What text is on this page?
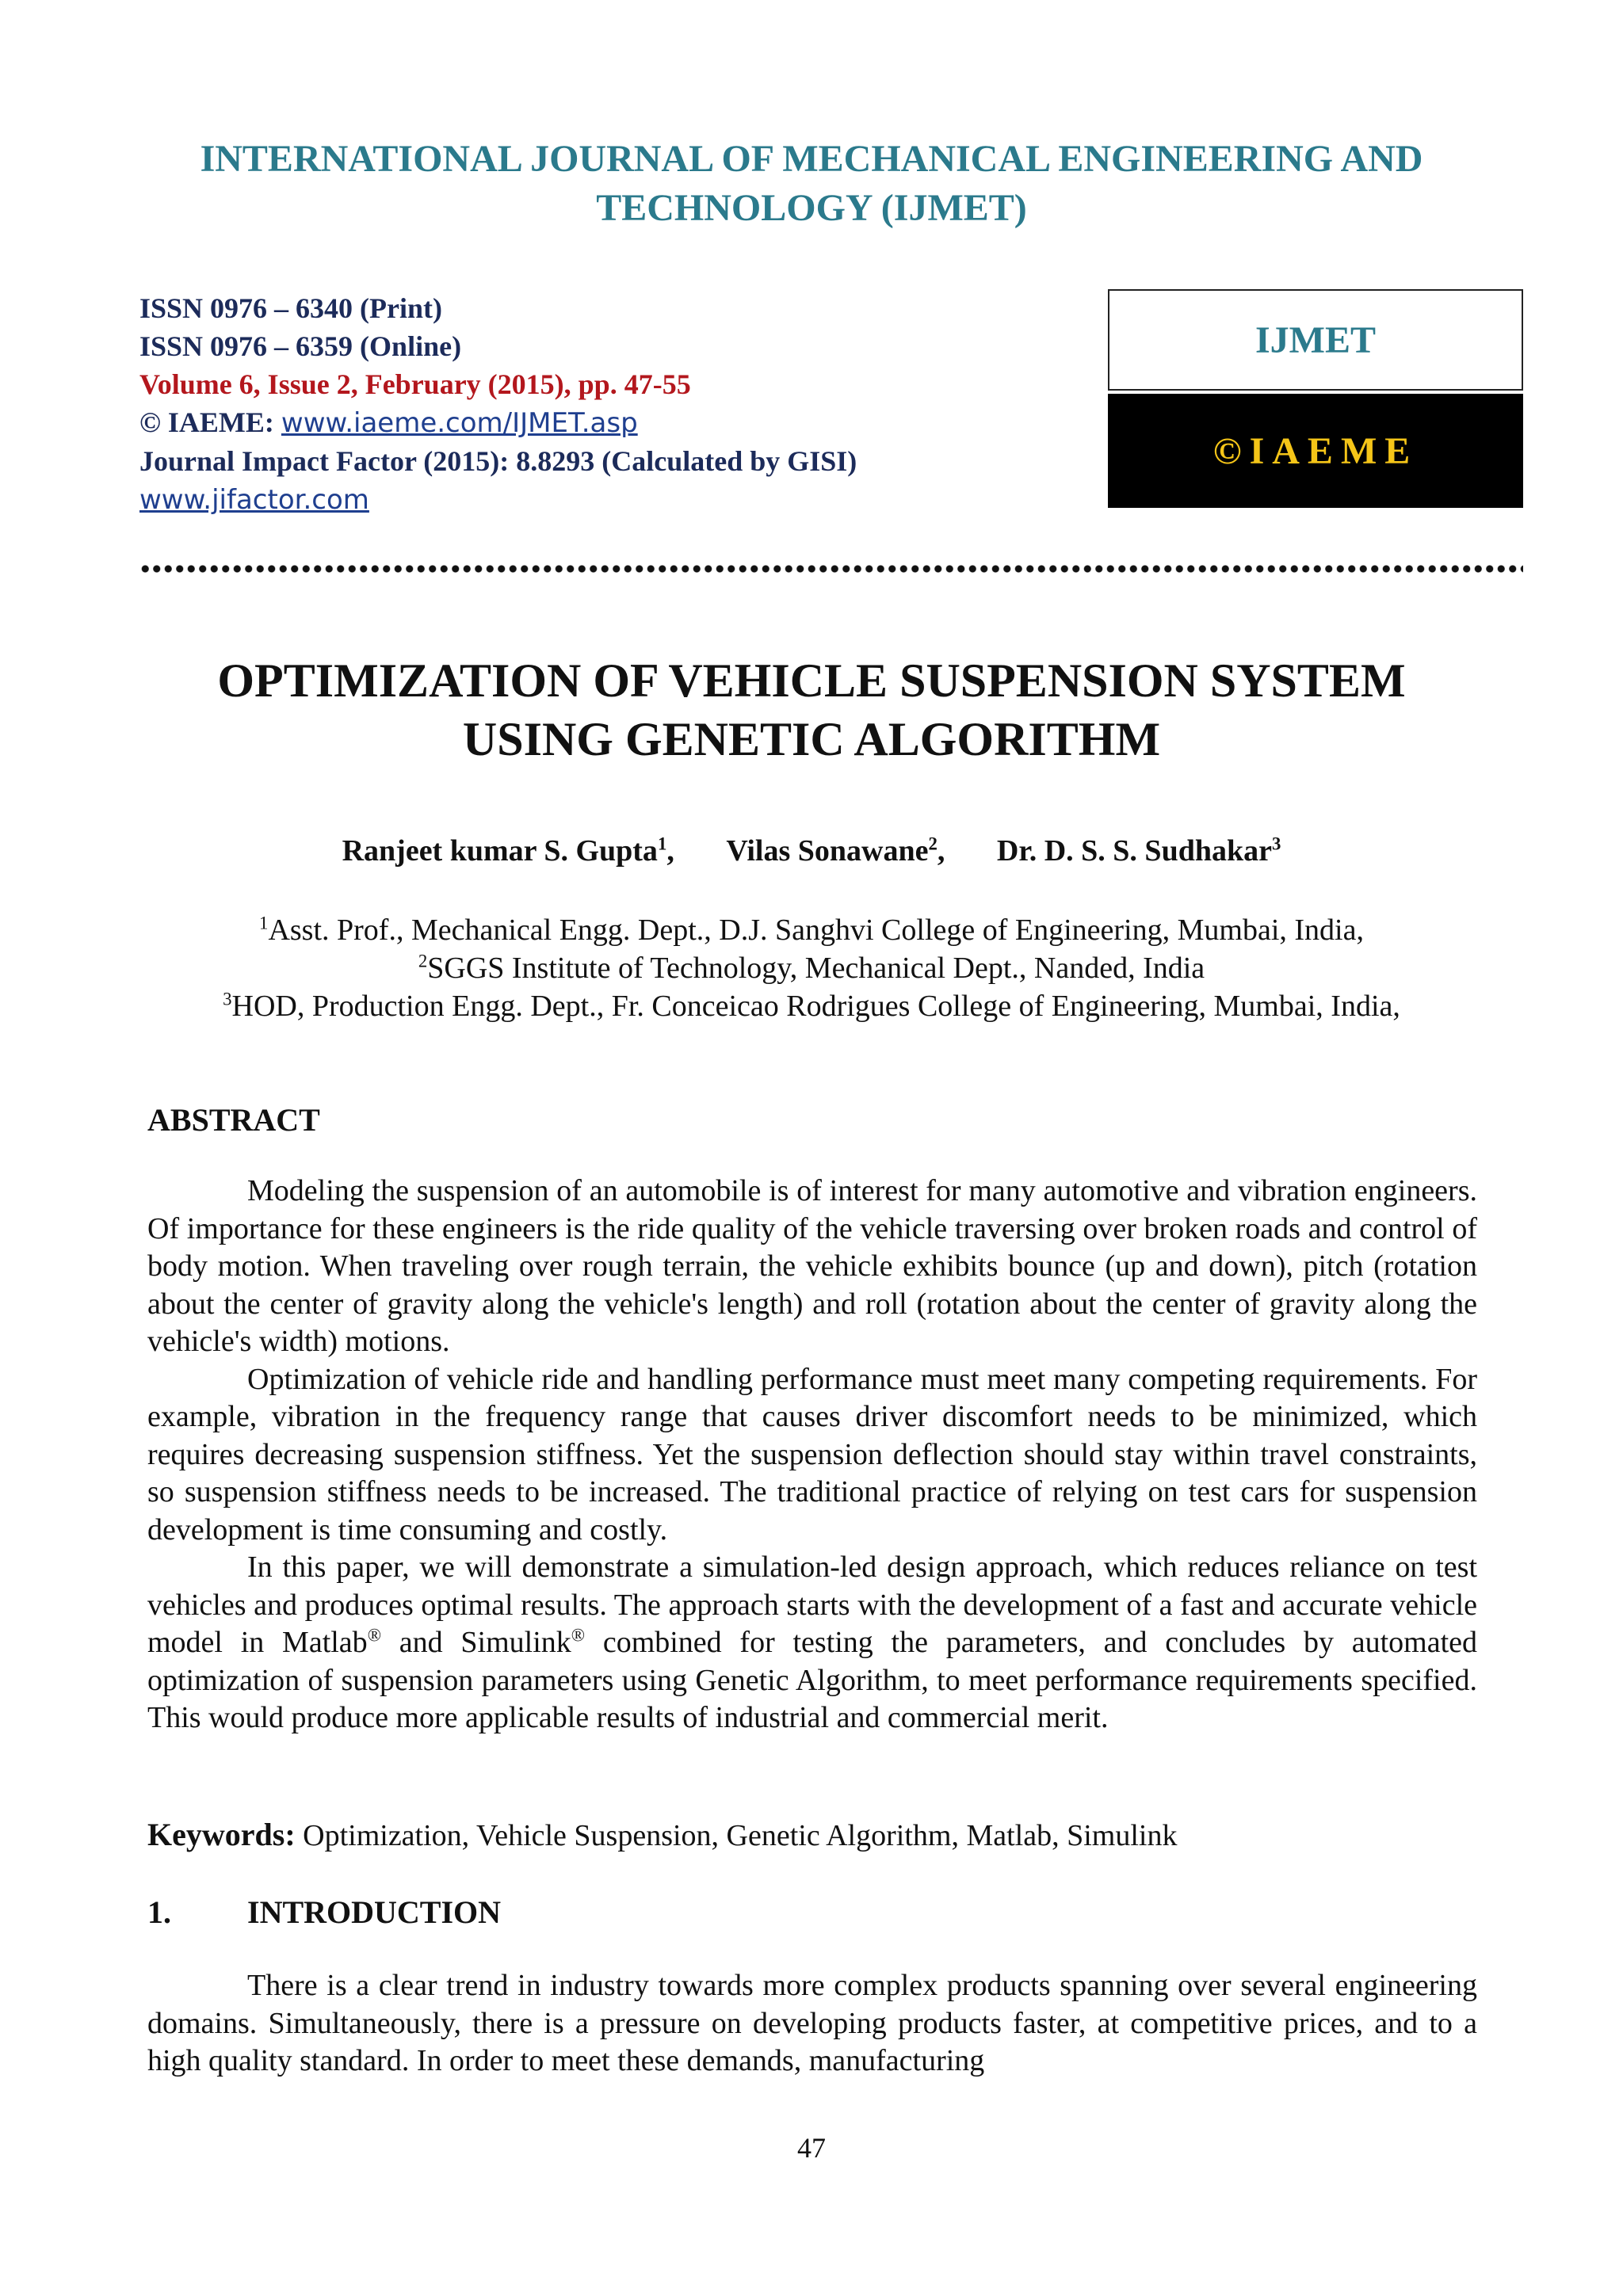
INTERNATIONAL JOURNAL OF MECHANICAL ENGINEERING AND
TECHNOLOGY (IJMET)
ISSN 0976 – 6340 (Print)
ISSN 0976 – 6359 (Online)
Volume 6, Issue 2, February (2015), pp. 47-55
© IAEME: www.iaeme.com/IJMET.asp
Journal Impact Factor (2015): 8.8293 (Calculated by GISI)
www.jifactor.com
IJMET
©IAEME
OPTIMIZATION OF VEHICLE SUSPENSION SYSTEM
USING GENETIC ALGORITHM
Ranjeet kumar S. Gupta$^1$, Vilas Sonawane$^2$, Dr. D. S. S. Sudhakar$^3$
$^1$Asst. Prof., Mechanical Engg. Dept., D.J. Sanghvi College of Engineering, Mumbai, India,
$^2$SGGS Institute of Technology, Mechanical Dept., Nanded, India
$^3$HOD, Production Engg. Dept., Fr. Conceicao Rodrigues College of Engineering, Mumbai, India,
ABSTRACT

Modeling the suspension of an automobile is of interest for many automotive and vibration engineers. Of importance for these engineers is the ride quality of the vehicle traversing over broken roads and control of body motion. When traveling over rough terrain, the vehicle exhibits bounce (up and down), pitch (rotation about the center of gravity along the vehicle's length) and roll (rotation about the center of gravity along the vehicle's width) motions.

Optimization of vehicle ride and handling performance must meet many competing requirements. For example, vibration in the frequency range that causes driver discomfort needs to be minimized, which requires decreasing suspension stiffness. Yet the suspension deflection should stay within travel constraints, so suspension stiffness needs to be increased. The traditional practice of relying on test cars for suspension development is time consuming and costly.

In this paper, we will demonstrate a simulation-led design approach, which reduces reliance on test vehicles and produces optimal results. The approach starts with the development of a fast and accurate vehicle model in Matlab® and Simulink® combined for testing the parameters, and concludes by automated optimization of suspension parameters using Genetic Algorithm, to meet performance requirements specified. This would produce more applicable results of industrial and commercial merit.

Keywords: Optimization, Vehicle Suspension, Genetic Algorithm, Matlab, Simulink
1. INTRODUCTION

There is a clear trend in industry towards more complex products spanning over several engineering domains. Simultaneously, there is a pressure on developing products faster, at competitive prices, and to a high quality standard. In order to meet these demands, manufacturing

47
